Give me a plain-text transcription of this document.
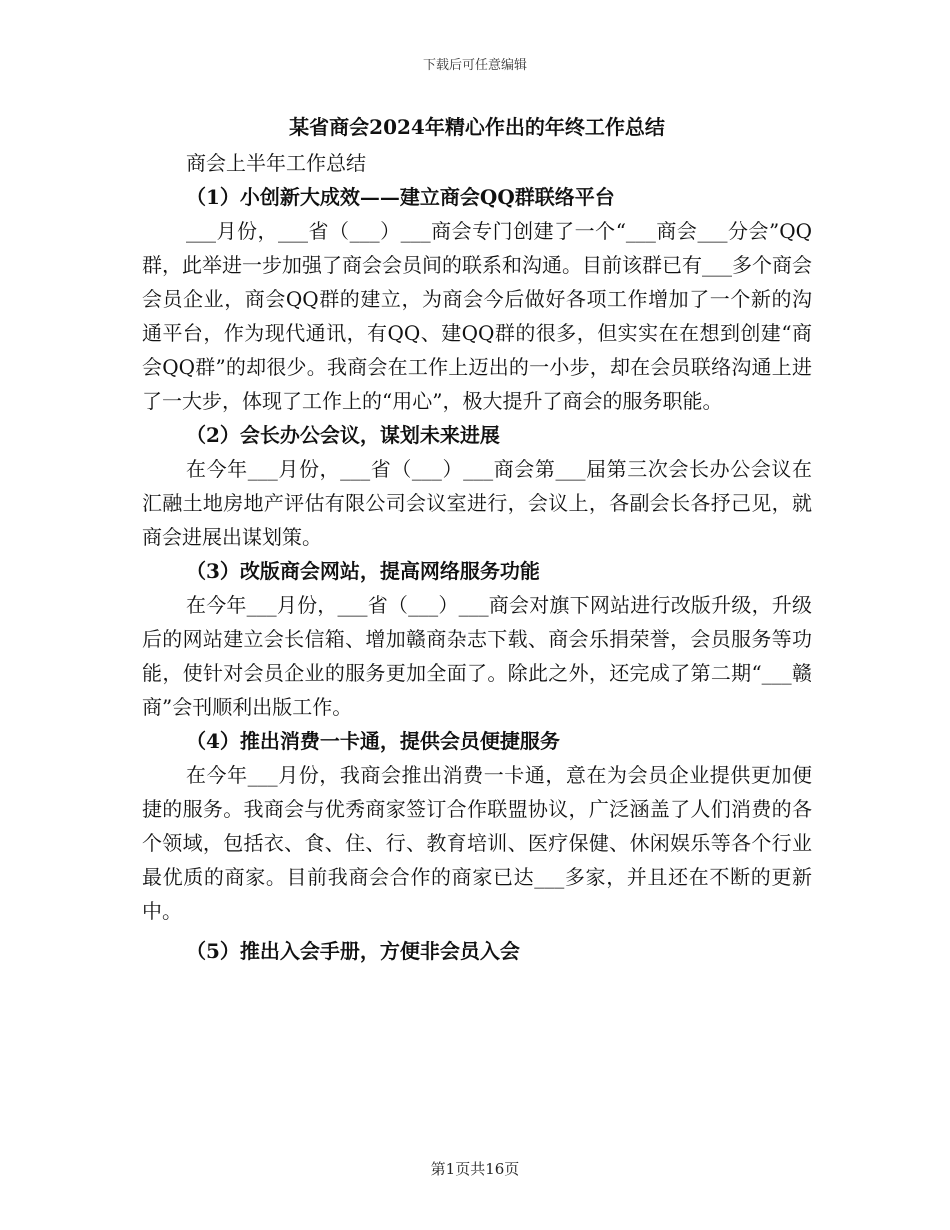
下载后可任意编辑
某省商会2024年精心作出的年终工作总结

商会上半年工作总结

（1）小创新大成效——建立商会QQ群联络平台

___月份，___省（___）___商会专门创建了一个“___商会___分会”QQ群，此举进一步加强了商会会员间的联系和沟通。目前该群已有___多个商会会员企业，商会QQ群的建立，为商会今后做好各项工作增加了一个新的沟通平台，作为现代通讯，有QQ、建QQ群的很多，但实实在在想到创建“商会QQ群”的却很少。我商会在工作上迈出的一小步，却在会员联络沟通上进了一大步，体现了工作上的“用心”，极大提升了商会的服务职能。

（2）会长办公会议，谋划未来进展

在今年___月份，___省（___）___商会第___届第三次会长办公会议在汇融土地房地产评估有限公司会议室进行，会议上，各副会长各抒己见，就商会进展出谋划策。

（3）改版商会网站，提高网络服务功能

在今年___月份，___省（___）___商会对旗下网站进行改版升级，升级后的网站建立会长信箱、增加赣商杂志下载、商会乐捐荣誉，会员服务等功能，使针对会员企业的服务更加全面了。除此之外，还完成了第二期“___赣商”会刊顺利出版工作。

（4）推出消费一卡通，提供会员便捷服务

在今年___月份，我商会推出消费一卡通，意在为会员企业提供更加便捷的服务。我商会与优秀商家签订合作联盟协议，广泛涵盖了人们消费的各个领域，包括衣、食、住、行、教育培训、医疗保健、休闲娱乐等各个行业最优质的商家。目前我商会合作的商家已达___多家，并且还在不断的更新中。

（5）推出入会手册，方便非会员入会

第1页共16页
